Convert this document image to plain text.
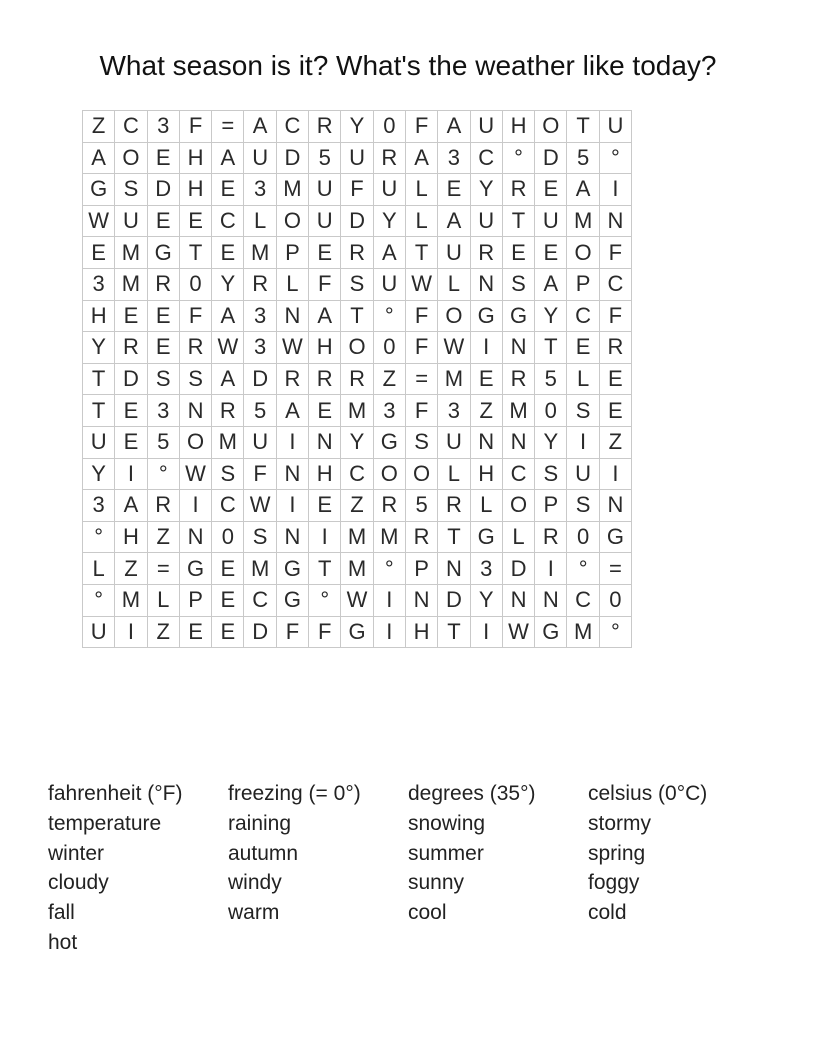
What season is it? What's the weather like today?
Z	C	3	F	=	A	C	R	Y	0	F	A	U	H	O	T	U
A	O	E	H	A	U	D	5	U	R	A	3	C	°	D	5	°
G	S	D	H	E	3	M	U	F	U	L	E	Y	R	E	A	I
W	U	E	E	C	L	O	U	D	Y	L	A	U	T	U	M	N
E	M	G	T	E	M	P	E	R	A	T	U	R	E	E	O	F
3	M	R	0	Y	R	L	F	S	U	W	L	N	S	A	P	C
H	E	E	F	A	3	N	A	T	°	F	O	G	G	Y	C	F
Y	R	E	R	W	3	W	H	O	0	F	W	I	N	T	E	R
T	D	S	S	A	D	R	R	R	Z	=	M	E	R	5	L	E
T	E	3	N	R	5	A	E	M	3	F	3	Z	M	0	S	E
U	E	5	O	M	U	I	N	Y	G	S	U	N	N	Y	I	Z
Y	I	°	W	S	F	N	H	C	O	O	L	H	C	S	U	I
3	A	R	I	C	W	I	E	Z	R	5	R	L	O	P	S	N
°	H	Z	N	0	S	N	I	M	M	R	T	G	L	R	0	G
L	Z	=	G	E	M	G	T	M	°	P	N	3	D	I	°	=
°	M	L	P	E	C	G	°	W	I	N	D	Y	N	N	C	0
U	I	Z	E	E	D	F	F	G	I	H	T	I	W	G	M	°
fahrenheit (°F)	freezing (= 0°)	degrees (35°)	celsius (0°C)
temperature	raining	snowing	stormy
winter	autumn	summer	spring
cloudy	windy	sunny	foggy
fall	warm	cool	cold
hot
